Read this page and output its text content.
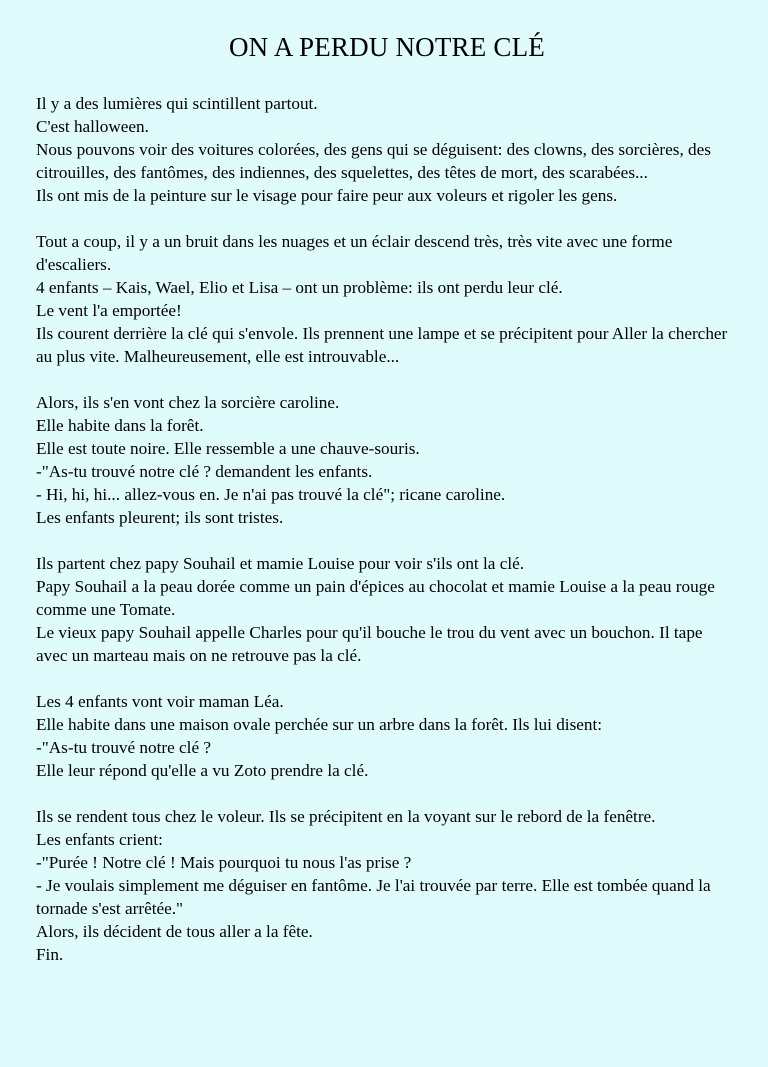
ON A PERDU NOTRE CLÉ

Il y a des lumières qui scintillent partout.
C'est halloween.
Nous pouvons voir des voitures colorées, des gens qui se déguisent: des clowns, des sorcières, des citrouilles, des fantômes, des indiennes, des squelettes, des têtes de mort, des scarabées...
Ils ont mis de la peinture sur le visage pour faire peur aux voleurs et rigoler les gens.

Tout a coup, il y a un bruit dans les nuages et un éclair descend très, très vite avec une forme d'escaliers.
4 enfants – Kais, Wael, Elio et Lisa – ont un problème: ils ont perdu leur clé.
Le vent l'a emportée!
Ils courent derrière la clé qui s'envole. Ils prennent une lampe et se précipitent pour Aller la chercher au plus vite. Malheureusement, elle est introuvable...

Alors, ils s'en vont chez la sorcière caroline.
Elle habite dans la forêt.
Elle est toute noire. Elle ressemble a une chauve-souris.
-"As-tu trouvé notre clé ? demandent les enfants.
- Hi, hi, hi... allez-vous en. Je n'ai pas trouvé la clé"; ricane caroline.
Les enfants pleurent; ils sont tristes.

Ils partent chez papy Souhail et mamie Louise pour voir s'ils ont la clé.
Papy Souhail a la peau dorée comme un pain d'épices au chocolat et mamie Louise a la peau rouge comme une Tomate.
Le vieux papy Souhail appelle Charles pour qu'il bouche le trou du vent avec un bouchon. Il tape avec un marteau mais on ne retrouve pas la clé.

Les 4 enfants vont voir maman Léa.
Elle habite dans une maison ovale perchée sur un arbre dans la forêt. Ils lui disent:
-"As-tu trouvé notre clé ?
Elle leur répond qu'elle a vu Zoto prendre la clé.

Ils se rendent tous chez le voleur. Ils se précipitent en la voyant sur le rebord de la fenêtre.
Les enfants crient:
-"Purée ! Notre clé ! Mais pourquoi tu nous l'as prise ?
- Je voulais simplement me déguiser en fantôme. Je l'ai trouvée par terre. Elle est tombée quand la tornade s'est arrêtée."
Alors, ils décident de tous aller a la fête.
Fin.
